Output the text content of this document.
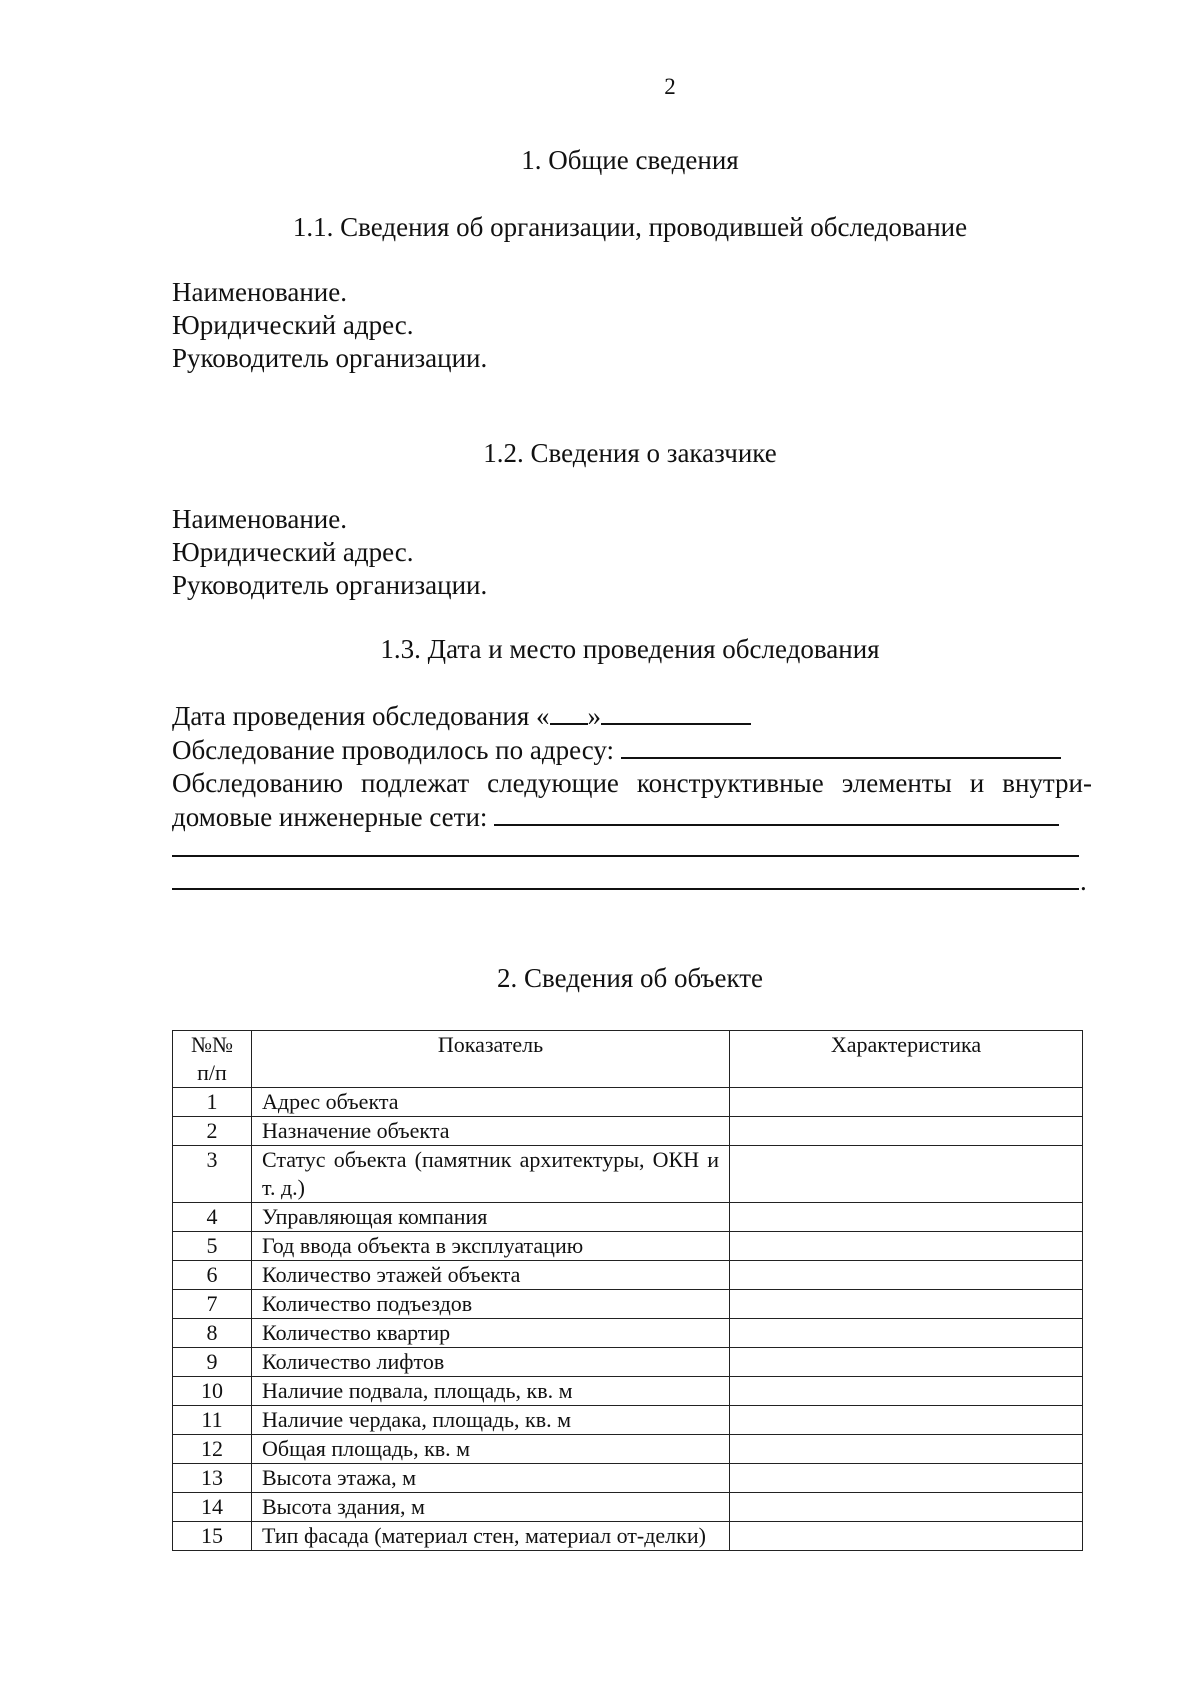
2
1. Общие сведения
1.1. Сведения об организации, проводившей обследование
Наименование.
Юридический адрес.
Руководитель организации.
1.2. Сведения о заказчике
Наименование.
Юридический адрес.
Руководитель организации.
1.3. Дата и место проведения обследования
Дата проведения обследования « »
Обследование проводилось по адресу:
Обследованию подлежат следующие конструктивные элементы и внутри-
домовые инженерные сети:
.
2. Сведения об объекте
№№
п/п	Показатель	Характеристика
1	Адрес объекта	
2	Назначение объекта	
3	Статус объекта (памятник архитектуры, ОКН и т. д.)	
4	Управляющая компания	
5	Год ввода объекта в эксплуатацию	
6	Количество этажей объекта	
7	Количество подъездов	
8	Количество квартир	
9	Количество лифтов	
10	Наличие подвала, площадь, кв. м	
11	Наличие чердака, площадь, кв. м	
12	Общая площадь, кв. м	
13	Высота этажа, м	
14	Высота здания, м	
15	Тип фасада (материал стен, материал от-делки)	
